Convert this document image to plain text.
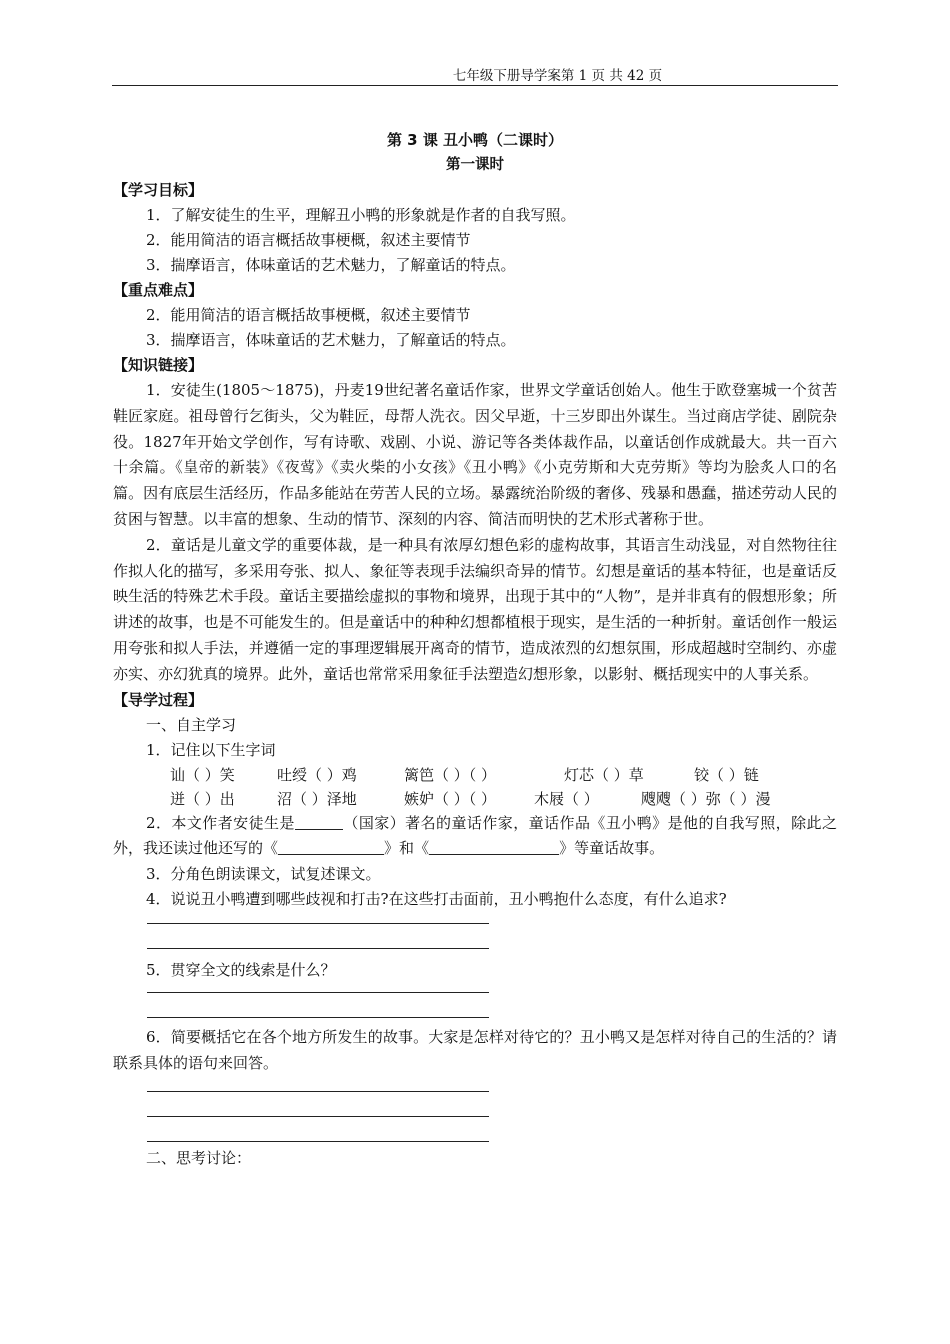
七年级下册导学案第 1 页 共 42 页
第 3 课 丑小鸭（二课时）
第一课时
【学习目标】
1．了解安徒生的生平，理解丑小鸭的形象就是作者的自我写照。
2．能用简洁的语言概括故事梗概，叙述主要情节
3．揣摩语言，体味童话的艺术魅力，了解童话的特点。
【重点难点】
2．能用简洁的语言概括故事梗概，叙述主要情节
3．揣摩语言，体味童话的艺术魅力，了解童话的特点。
【知识链接】

1．安徒生(1805～1875)，丹麦19世纪著名童话作家，世界文学童话创始人。他生于欧登塞城一个贫苦鞋匠家庭。祖母曾行乞街头，父为鞋匠，母帮人洗衣。因父早逝，十三岁即出外谋生。当过商店学徒、剧院杂役。1827年开始文学创作，写有诗歌、戏剧、小说、游记等各类体裁作品，以童话创作成就最大。共一百六十余篇。《皇帝的新装》《夜莺》《卖火柴的小女孩》《丑小鸭》《小克劳斯和大克劳斯》等均为脍炙人口的名篇。因有底层生活经历，作品多能站在劳苦人民的立场。暴露统治阶级的奢侈、残暴和愚蠢，描述劳动人民的贫困与智慧。以丰富的想象、生动的情节、深刻的内容、简洁而明快的艺术形式著称于世。

2．童话是儿童文学的重要体裁，是一种具有浓厚幻想色彩的虚构故事，其语言生动浅显，对自然物往往作拟人化的描写，多采用夸张、拟人、象征等表现手法编织奇异的情节。幻想是童话的基本特征，也是童话反映生活的特殊艺术手段。童话主要描绘虚拟的事物和境界，出现于其中的“人物”，是并非真有的假想形象；所讲述的故事，也是不可能发生的。但是童话中的种种幻想都植根于现实，是生活的一种折射。童话创作一般运用夸张和拟人手法，并遵循一定的事理逻辑展开离奇的情节，造成浓烈的幻想氛围，形成超越时空制约、亦虚亦实、亦幻犹真的境界。此外，童话也常常采用象征手法塑造幻想形象，以影射、概括现实中的人事关系。

【导学过程】
一、自主学习
1．记住以下生字词
讪（ ）笑	吐绶（ ）鸡	篱笆（ ）（ ）	灯芯（ ）草	铰（ ）链
迸（ ）出	沼（ ）泽地	嫉妒（ ）（ ）	木屐（ ）	飕飕（ ）弥（ ）漫

2．本文作者安徒生是	（国家）著名的童话作家，童话作品《丑小鸭》是他的自我写照，除此之外，我还读过他还写的《	》和《	》等童话故事。

3．分角色朗读课文，试复述课文。
4．说说丑小鸭遭到哪些歧视和打击?在这些打击面前，丑小鸭抱什么态度，有什么追求?
5．贯穿全文的线索是什么？

6．简要概括它在各个地方所发生的故事。大家是怎样对待它的？丑小鸭又是怎样对待自己的生活的？请联系具体的语句来回答。

二、思考讨论：
